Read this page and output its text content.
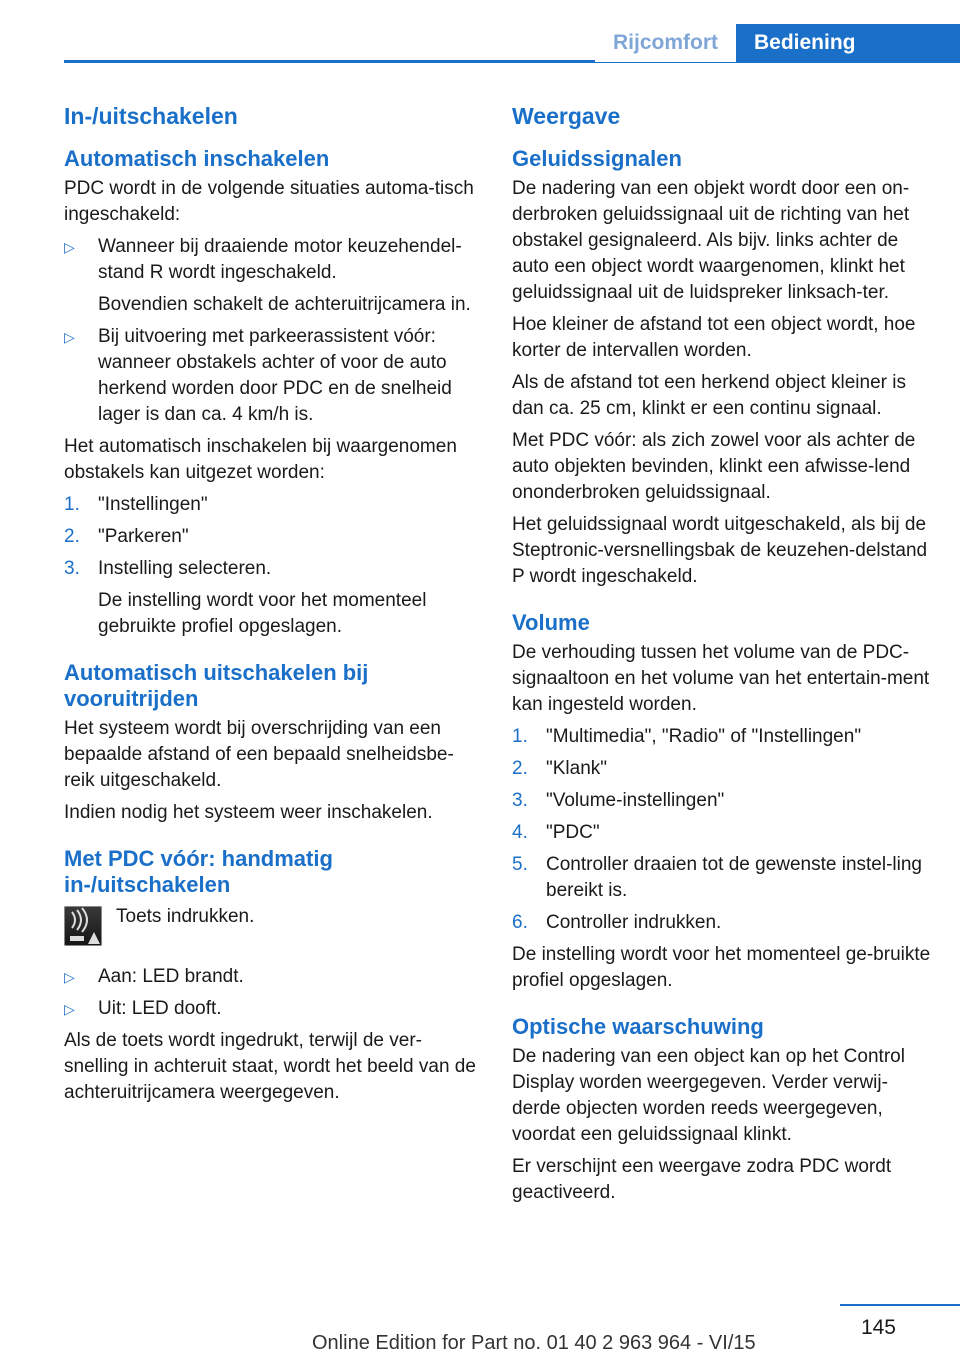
Rijcomfort	Bediening
In-/uitschakelen
Automatisch inschakelen

PDC wordt in de volgende situaties automa-tisch ingeschakeld:

▷ Wanneer bij draaiende motor keuzehendel-stand R wordt ingeschakeld.
Bovendien schakelt de achteruitrijcamera in.
▷ Bij uitvoering met parkeerassistent vóór: wanneer obstakels achter of voor de auto herkend worden door PDC en de snelheid lager is dan ca. 4 km/h is.

Het automatisch inschakelen bij waargenomen obstakels kan uitgezet worden:

1. "Instellingen"
2. "Parkeren"
3. Instelling selecteren.
De instelling wordt voor het momenteel gebruikte profiel opgeslagen.
Automatisch uitschakelen bij vooruitrijden

Het systeem wordt bij overschrijding van een bepaalde afstand of een bepaald snelheidsbe-reik uitgeschakeld.

Indien nodig het systeem weer inschakelen.

Met PDC vóór: handmatig in-/uitschakelen

Toets indrukken.

▷ Aan: LED brandt.
▷ Uit: LED dooft.

Als de toets wordt ingedrukt, terwijl de ver-snelling in achteruit staat, wordt het beeld van de achteruitrijcamera weergegeven.

Weergave
Geluidssignalen

De nadering van een objekt wordt door een on-derbroken geluidssignaal uit de richting van het obstakel gesignaleerd. Als bijv. links achter de auto een object wordt waargenomen, klinkt het geluidssignaal uit de luidspreker linksach-ter.

Hoe kleiner de afstand tot een object wordt, hoe korter de intervallen worden.

Als de afstand tot een herkend object kleiner is dan ca. 25 cm, klinkt er een continu signaal.

Met PDC vóór: als zich zowel voor als achter de auto objekten bevinden, klinkt een afwisse-lend ononderbroken geluidssignaal.

Het geluidssignaal wordt uitgeschakeld, als bij de Steptronic-versnellingsbak de keuzehen-delstand P wordt ingeschakeld.

Volume

De verhouding tussen het volume van de PDC-signaaltoon en het volume van het entertain-ment kan ingesteld worden.

1. "Multimedia", "Radio" of "Instellingen"
2. "Klank"
3. "Volume-instellingen"
4. "PDC"
5. Controller draaien tot de gewenste instel-ling bereikt is.
6. Controller indrukken.

De instelling wordt voor het momenteel ge-bruikte profiel opgeslagen.

Optische waarschuwing

De nadering van een object kan op het Control Display worden weergegeven. Verder verwij-derde objecten worden reeds weergegeven, voordat een geluidssignaal klinkt.

Er verschijnt een weergave zodra PDC wordt geactiveerd.

145
Online Edition for Part no. 01 40 2 963 964 - VI/15
